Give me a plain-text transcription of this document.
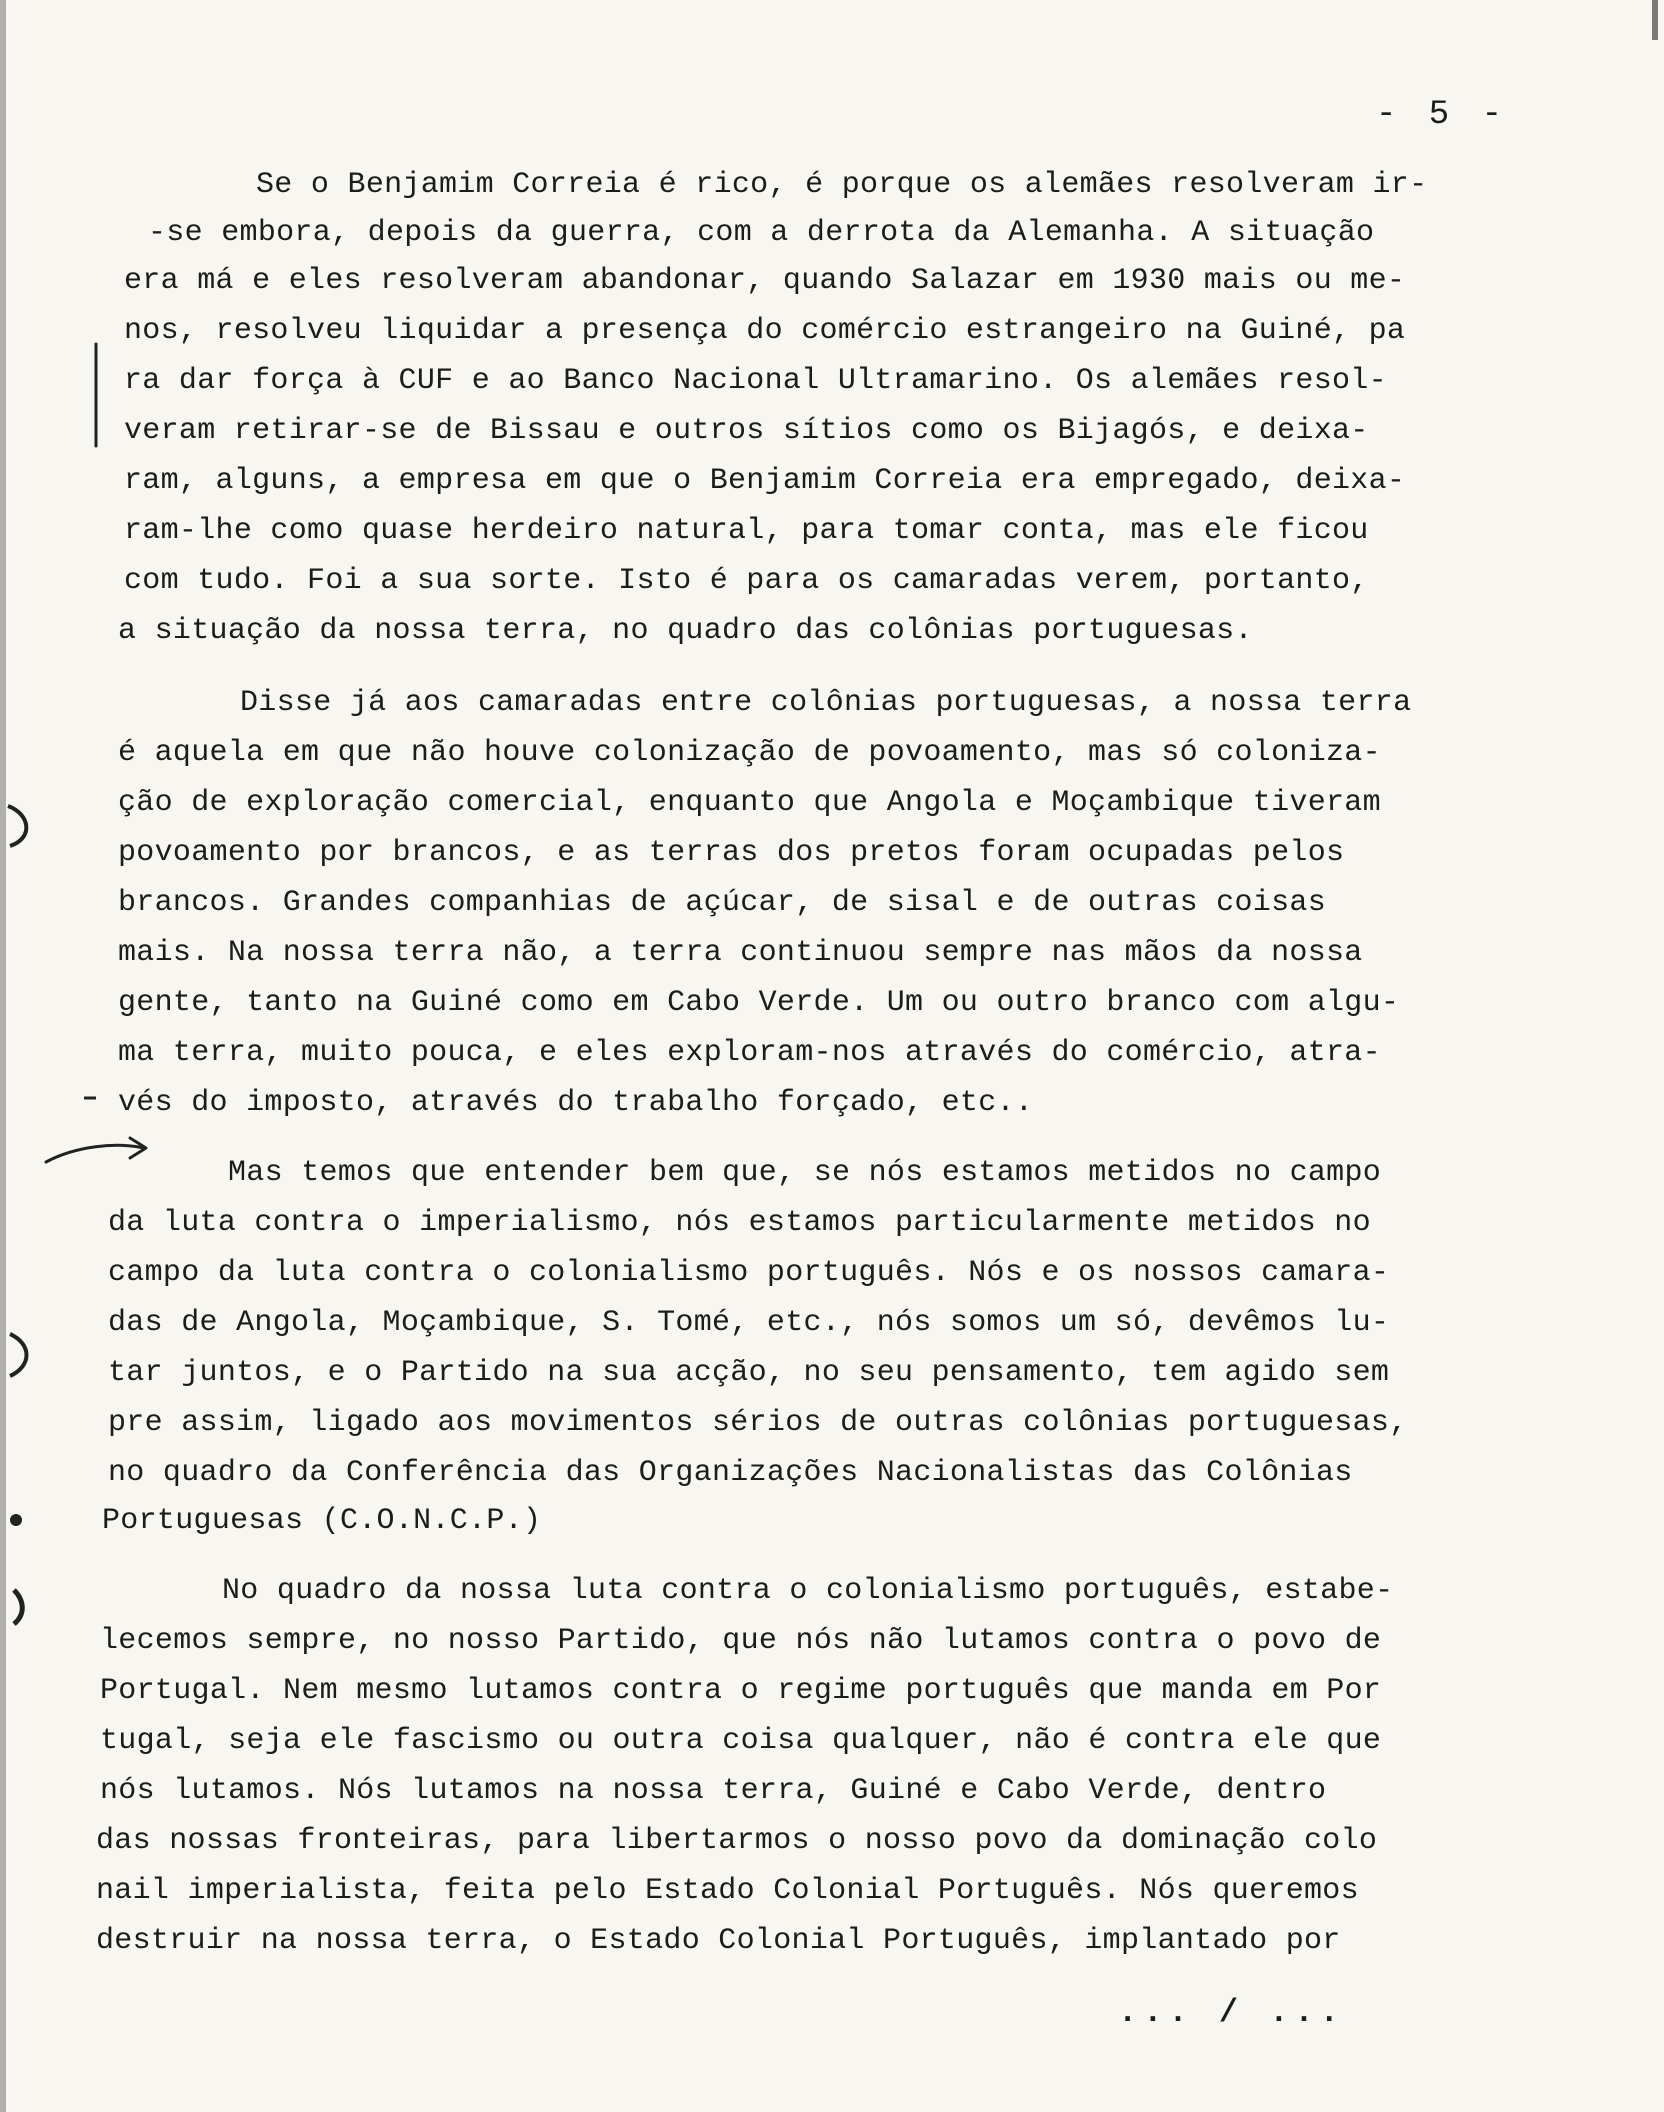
- 5 -
Se o Benjamim Correia é rico, é porque os alemães resolveram ir-
-se embora, depois da guerra, com a derrota da Alemanha. A situação
era má e eles resolveram abandonar, quando Salazar em 1930 mais ou me-
nos, resolveu liquidar a presença do comércio estrangeiro na Guiné, pa
ra dar força à CUF e ao Banco Nacional Ultramarino. Os alemães resol-
veram retirar-se de Bissau e outros sítios como os Bijagós, e deixa-
ram, alguns, a empresa em que o Benjamim Correia era empregado, deixa-
ram-lhe como quase herdeiro natural, para tomar conta, mas ele ficou
com tudo. Foi a sua sorte. Isto é para os camaradas verem, portanto,
a situação da nossa terra, no quadro das colônias portuguesas.
Disse já aos camaradas entre colônias portuguesas, a nossa terra
é aquela em que não houve colonização de povoamento, mas só coloniza-
ção de exploração comercial, enquanto que Angola e Moçambique tiveram
povoamento por brancos, e as terras dos pretos foram ocupadas pelos
brancos. Grandes companhias de açúcar, de sisal e de outras coisas
mais. Na nossa terra não, a terra continuou sempre nas mãos da nossa
gente, tanto na Guiné como em Cabo Verde. Um ou outro branco com algu-
ma terra, muito pouca, e eles exploram-nos através do comércio, atra-
vés do imposto, através do trabalho forçado, etc..
Mas temos que entender bem que, se nós estamos metidos no campo
da luta contra o imperialismo, nós estamos particularmente metidos no
campo da luta contra o colonialismo português. Nós e os nossos camara-
das de Angola, Moçambique, S. Tomé, etc., nós somos um só, devêmos lu-
tar juntos, e o Partido na sua acção, no seu pensamento, tem agido sem
pre assim, ligado aos movimentos sérios de outras colônias portuguesas,
no quadro da Conferência das Organizações Nacionalistas das Colônias
Portuguesas (C.O.N.C.P.)
No quadro da nossa luta contra o colonialismo português, estabe-
lecemos sempre, no nosso Partido, que nós não lutamos contra o povo de
Portugal. Nem mesmo lutamos contra o regime português que manda em Por
tugal, seja ele fascismo ou outra coisa qualquer, não é contra ele que
nós lutamos. Nós lutamos na nossa terra, Guiné e Cabo Verde, dentro
das nossas fronteiras, para libertarmos o nosso povo da dominação colo
nail imperialista, feita pelo Estado Colonial Português. Nós queremos
destruir na nossa terra, o Estado Colonial Português, implantado por
... / ...
